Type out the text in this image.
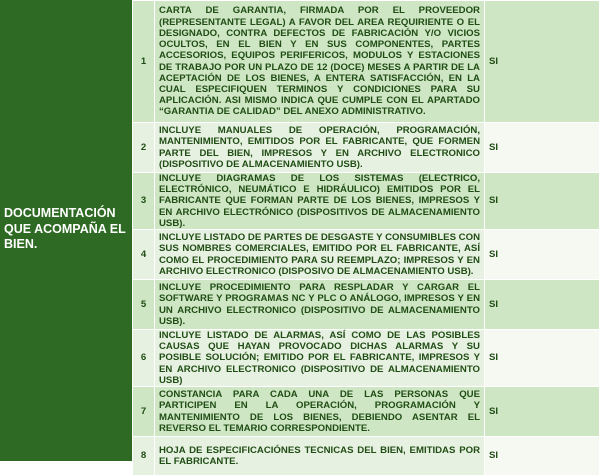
DOCUMENTACIÓN QUE ACOMPAÑA EL BIEN.
1	CARTA DE GARANTIA, FIRMADA POR EL PROVEEDOR (REPRESENTANTE LEGAL) A FAVOR DEL AREA REQUIRIENTE O EL DESIGNADO, CONTRA DEFECTOS DE FABRICACIÓN Y/O VICIOS OCULTOS, EN EL BIEN Y EN SUS COMPONENTES, PARTES ACCESORIOS, EQUIPOS PERIFERICOS, MODULOS Y ESTACIONES DE TRABAJO POR UN PLAZO DE 12 (DOCE) MESES A PARTIR DE LA ACEPTACIÓN DE LOS BIENES, A ENTERA SATISFACCIÓN, EN LA CUAL ESPECIFIQUEN TERMINOS Y CONDICIONES PARA SU APLICACIÓN. ASI MISMO INDICA QUE CUMPLE CON EL APARTADO “GARANTIA DE CALIDAD” DEL ANEXO ADMINISTRATIVO.	SI
2	INCLUYE MANUALES DE OPERACIÓN, PROGRAMACIÓN, MANTENIMIENTO, EMITIDOS POR EL FABRICANTE, QUE FORMEN PARTE DEL BIEN, IMPRESOS Y EN ARCHIVO ELECTRONICO (DISPOSITIVO DE ALMACENAMIENTO USB).	SI
3	INCLUYE DIAGRAMAS DE LOS SISTEMAS (ELECTRICO, ELECTRÓNICO, NEUMÁTICO E HIDRÁULICO) EMITIDOS POR EL FABRICANTE QUE FORMAN PARTE DE LOS BIENES, IMPRESOS Y EN ARCHIVO ELECTRÓNICO (DISPOSITIVOS DE ALMACENAMIENTO USB).	SI
4	INCLUYE LISTADO DE PARTES DE DESGASTE Y CONSUMIBLES CON SUS NOMBRES COMERCIALES, EMITIDO POR EL FABRICANTE, ASÍ COMO EL PROCEDIMIENTO PARA SU REEMPLAZO; IMPRESOS Y EN ARCHIVO ELECTRONICO (DISPOSIVO DE ALMACENAMIENTO USB).	SI
5	INCLUYE PROCEDIMIENTO PARA RESPLADAR Y CARGAR EL SOFTWARE Y PROGRAMAS NC Y PLC O ANÁLOGO, IMPRESOS Y EN UN ARCHIVO ELECTRONICO (DISPOSITIVO DE ALMACENAMIENTO USB).	SI
6	INCLUYE LISTADO DE ALARMAS, ASÍ COMO DE LAS POSIBLES CAUSAS QUE HAYAN PROVOCADO DICHAS ALARMAS Y SU POSIBLE SOLUCIÓN; EMITIDO POR EL FABRICANTE, IMPRESOS Y EN ARCHIVO ELECTRONICO (DISPOSITIVO DE ALMACENAMIENTO USB)	SI
7	CONSTANCIA PARA CADA UNA DE LAS PERSONAS QUE PARTICIPEN EN LA OPERACIÓN, PROGRAMACIÓN Y MANTENIMIENTO DE LOS BIENES, DEBIENDO ASENTAR EL REVERSO EL TEMARIO CORRESPONDIENTE.	SI
8	HOJA DE ESPECIFICACIÓNES TECNICAS DEL BIEN, EMITIDAS POR EL FABRICANTE.	SI
